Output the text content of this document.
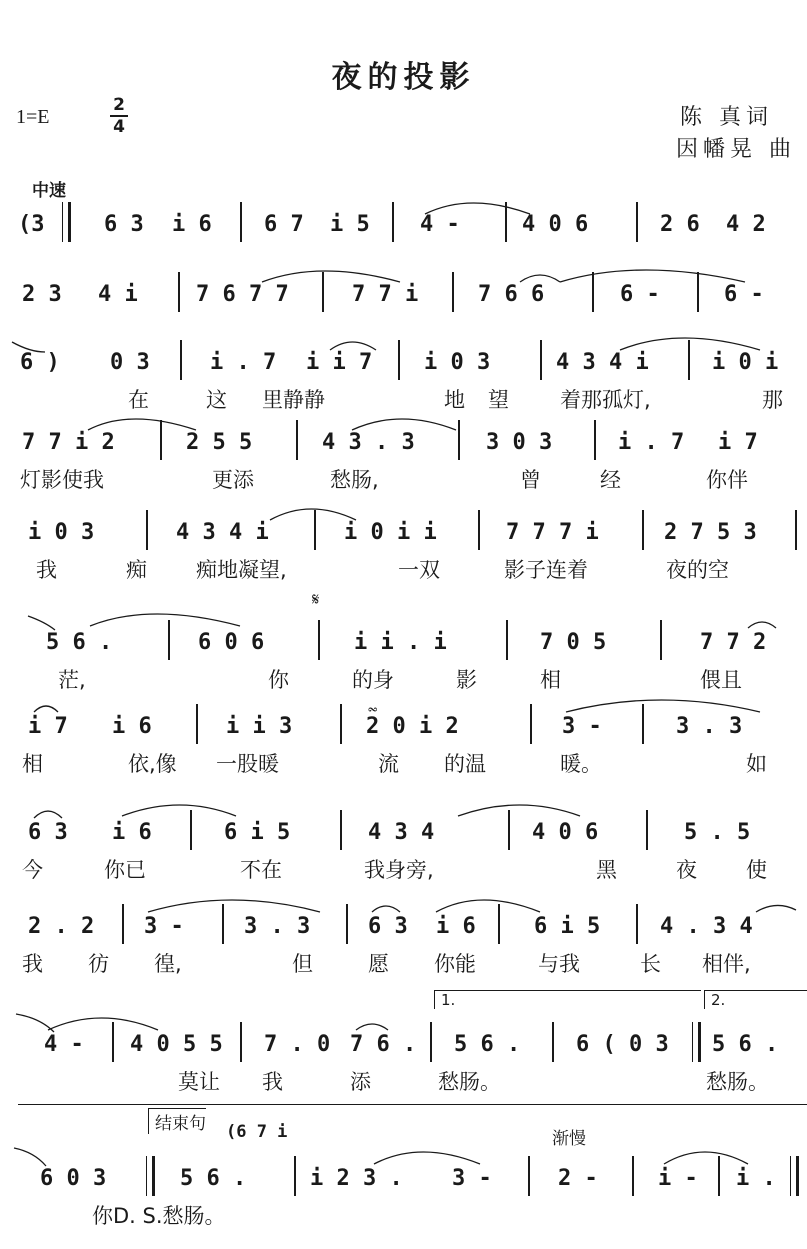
夜的投影
1=E
2
4	陈 真词
因幡晃 曲
中速
(3	6 3 i 6 6 7 i 5 4 -	4 0 6	2 6 4 2
2 3 4 i	7 6 7 7	7 7 i	7 6 6	6 -	6 -
6 ) 0 3	i . 7 i i 7 i 0 3	4 3 4 i	i 0 i
在	这 里静静	地 望 着那孤灯,	那
7 7 i 2	2 5 5	4 3 . 3	3 0 3	i . 7 i 7
灯影使我	更添	愁肠,	曾	经	你伴
i 0 3	4 3 4 i	i 0 i i	7 7 7 i	2 7 5 3
我	痴 痴地凝望,	一双	影子连着	夜的空
5 6 .	6 0 6	i i . i	7 0 5	7 7 2
𝄋
茫,	你	的身	影	相	偎且
i 7 i 6	i i 3	2 0 i 2	3 -	3 . 3
𝆗
相	依,像 一股暖	流 的温	暖。	如
6 3 i 6	6 i 5	4 3 4	4 0 6	5 . 5
今	你已	不在	我身旁,	黑	夜 使
2 . 2 3 -	3 . 3	6 3 i 6	6 i 5	4 . 3 4
我 彷 徨,	但	愿 你能	与我	长 相伴,
1.	2.
4 - 4 0 5 5 7 . 0 7 6 . 5 6 .	6 ( 0 3 5 6 .
莫让 我	添	愁肠。	愁肠。
结束句 (6 7 i	渐慢
6 0 3	5 6 .	i 2 3 . 3 -	2 -	i - i .
你D. S.愁肠。
